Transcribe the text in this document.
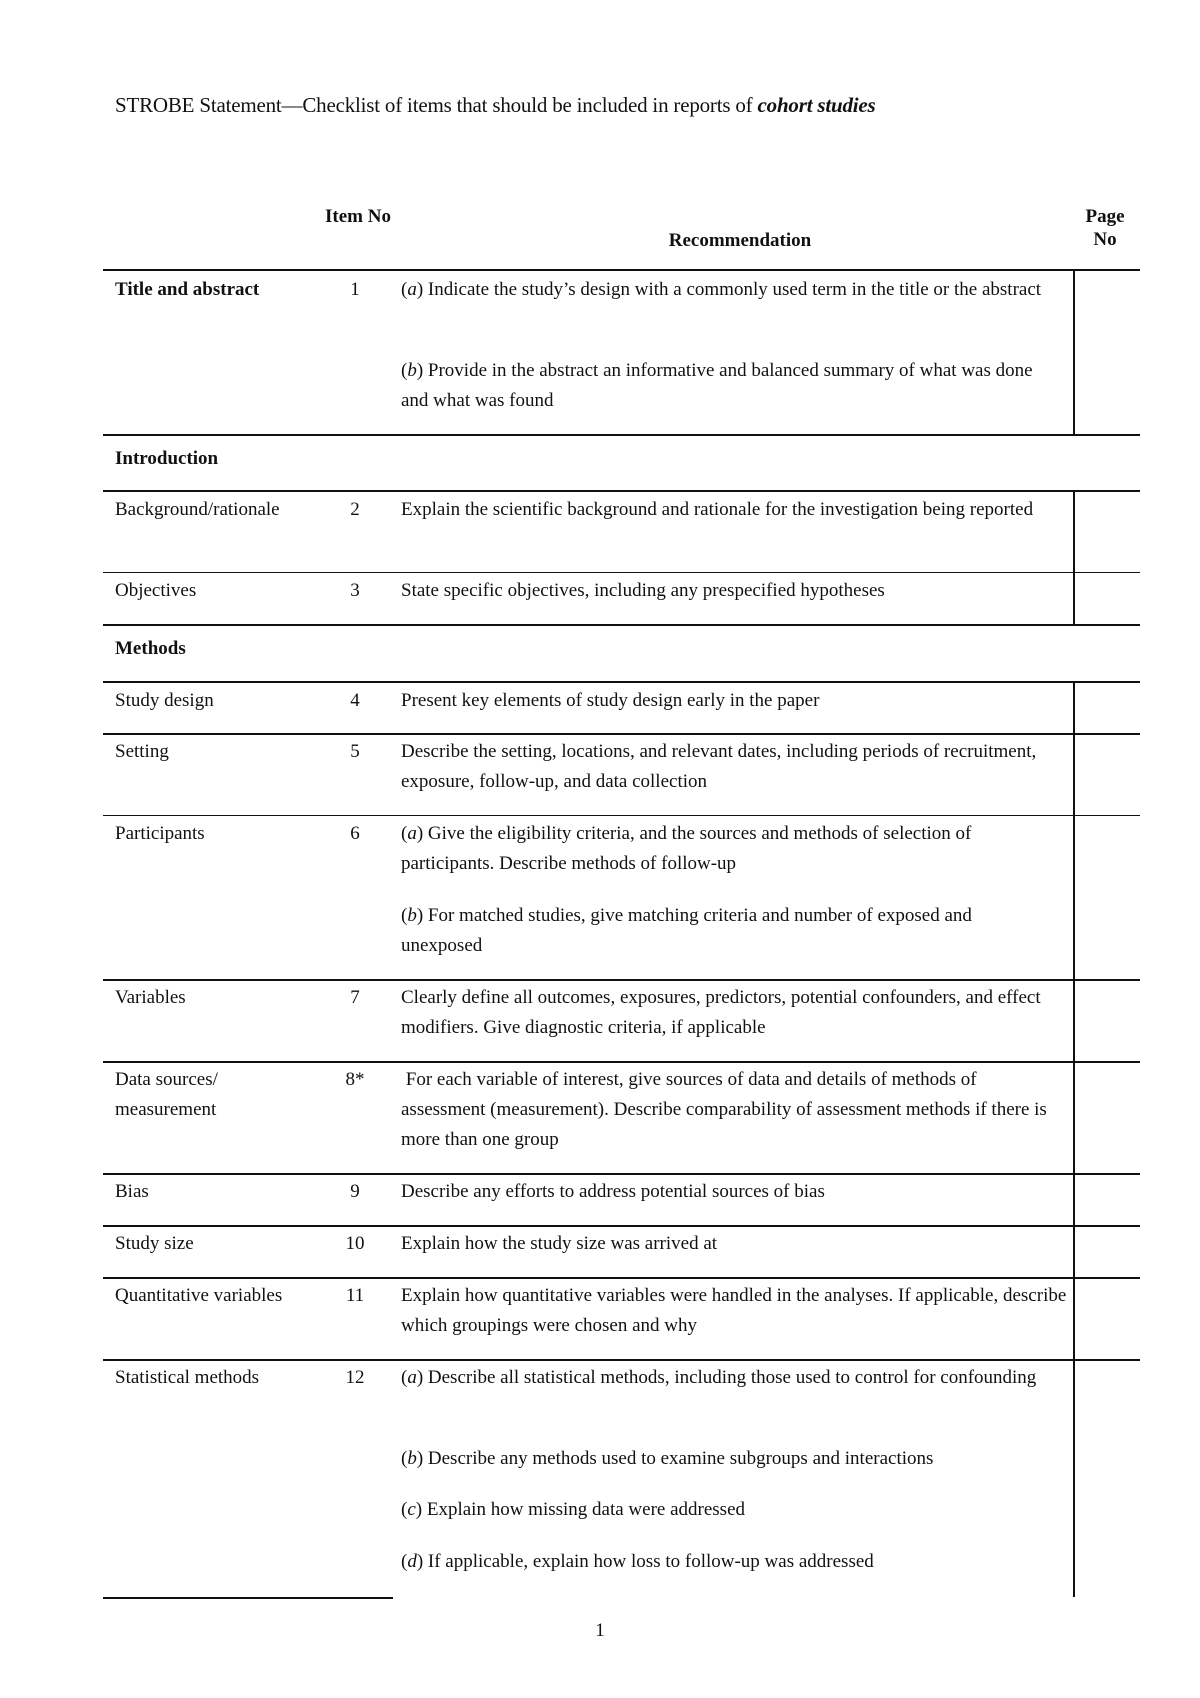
STROBE Statement—Checklist of items that should be included in reports of cohort studies
Item No
Recommendation
Page No
Title and abstract	1	(a) Indicate the study’s design with a commonly used term in the title or the abstract
(b) Provide in the abstract an informative and balanced summary of what was done and what was found
Introduction
Background/rationale	2	Explain the scientific background and rationale for the investigation being reported
Objectives	3	State specific objectives, including any prespecified hypotheses
Methods
Study design	4	Present key elements of study design early in the paper
Setting	5	Describe the setting, locations, and relevant dates, including periods of recruitment, exposure, follow-up, and data collection
Participants	6	(a) Give the eligibility criteria, and the sources and methods of selection of participants. Describe methods of follow-up
(b) For matched studies, give matching criteria and number of exposed and unexposed
Variables	7	Clearly define all outcomes, exposures, predictors, potential confounders, and effect modifiers. Give diagnostic criteria, if applicable
Data sources/
measurement
8*	For each variable of interest, give sources of data and details of methods of assessment (measurement). Describe comparability of assessment methods if there is more than one group
Bias	9	Describe any efforts to address potential sources of bias
Study size	10	Explain how the study size was arrived at
Quantitative variables	11	Explain how quantitative variables were handled in the analyses. If applicable, describe which groupings were chosen and why
Statistical methods	12	(a) Describe all statistical methods, including those used to control for confounding
(b) Describe any methods used to examine subgroups and interactions
(c) Explain how missing data were addressed
(d) If applicable, explain how loss to follow-up was addressed
1
